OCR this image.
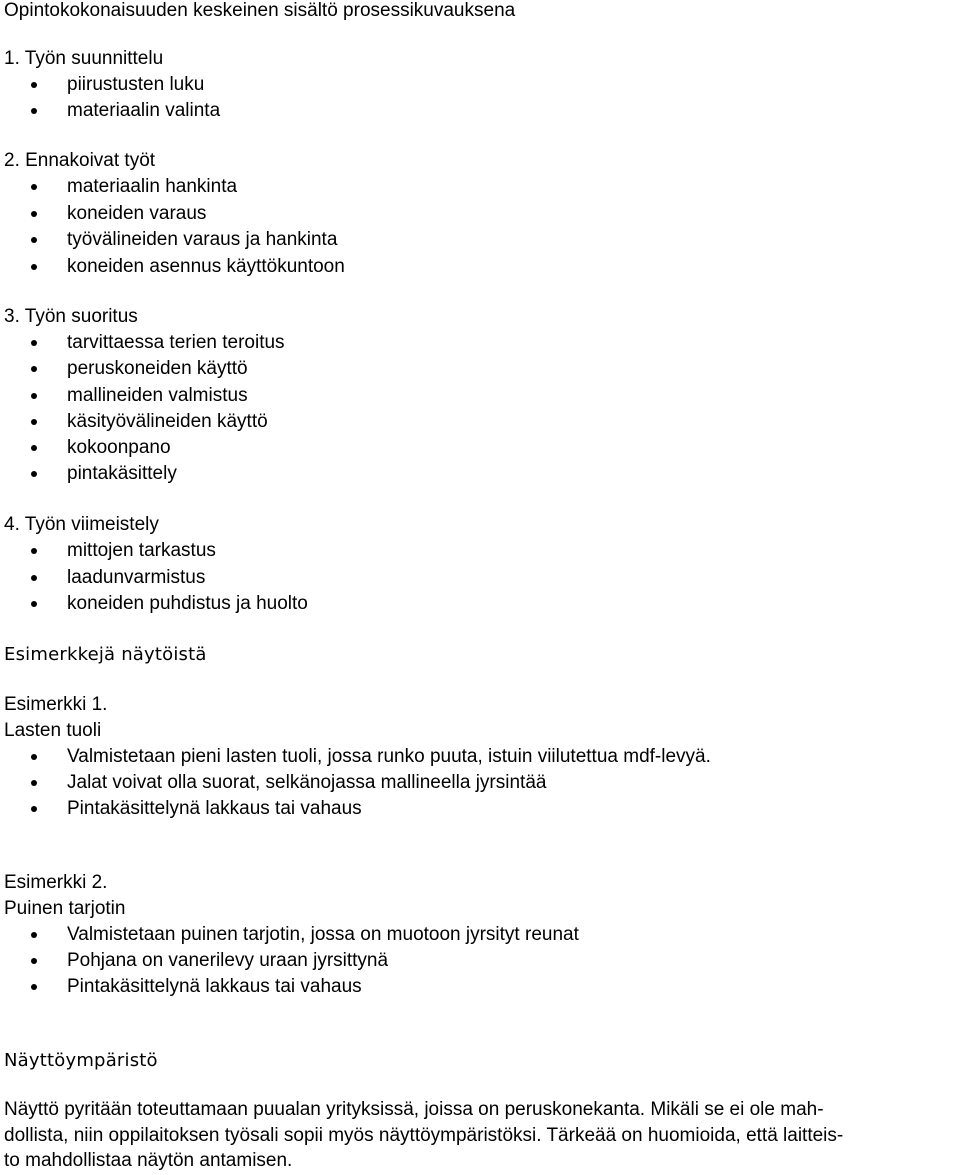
Opintokokonaisuuden keskeinen sisältö prosessikuvauksena
1. Työn suunnittelu
piirustusten luku
materiaalin valinta
2. Ennakoivat työt
materiaalin hankinta
koneiden varaus
työvälineiden varaus ja hankinta
koneiden asennus käyttökuntoon
3. Työn suoritus
tarvittaessa terien teroitus
peruskoneiden käyttö
mallineiden valmistus
käsityövälineiden käyttö
kokoonpano
pintakäsittely
4. Työn viimeistely
mittojen tarkastus
laadunvarmistus
koneiden puhdistus ja huolto
Esimerkkejä näytöistä
Esimerkki 1.
Lasten tuoli
Valmistetaan pieni lasten tuoli, jossa runko puuta, istuin viilutettua mdf-levyä.
Jalat voivat olla suorat, selkänojassa mallineella jyrsintää
Pintakäsittelynä lakkaus tai vahaus
Esimerkki 2.
Puinen tarjotin
Valmistetaan puinen tarjotin, jossa on muotoon jyrsityt reunat
Pohjana on vanerilevy uraan jyrsittynä
Pintakäsittelynä lakkaus tai vahaus
Näyttöympäristö
Näyttö pyritään toteuttamaan puualan yrityksissä, joissa on peruskonekanta. Mikäli se ei ole mah-
dollista, niin oppilaitoksen työsali sopii myös näyttöympäristöksi. Tärkeää on huomioida, että laitteis-
to mahdollistaa näytön antamisen.
